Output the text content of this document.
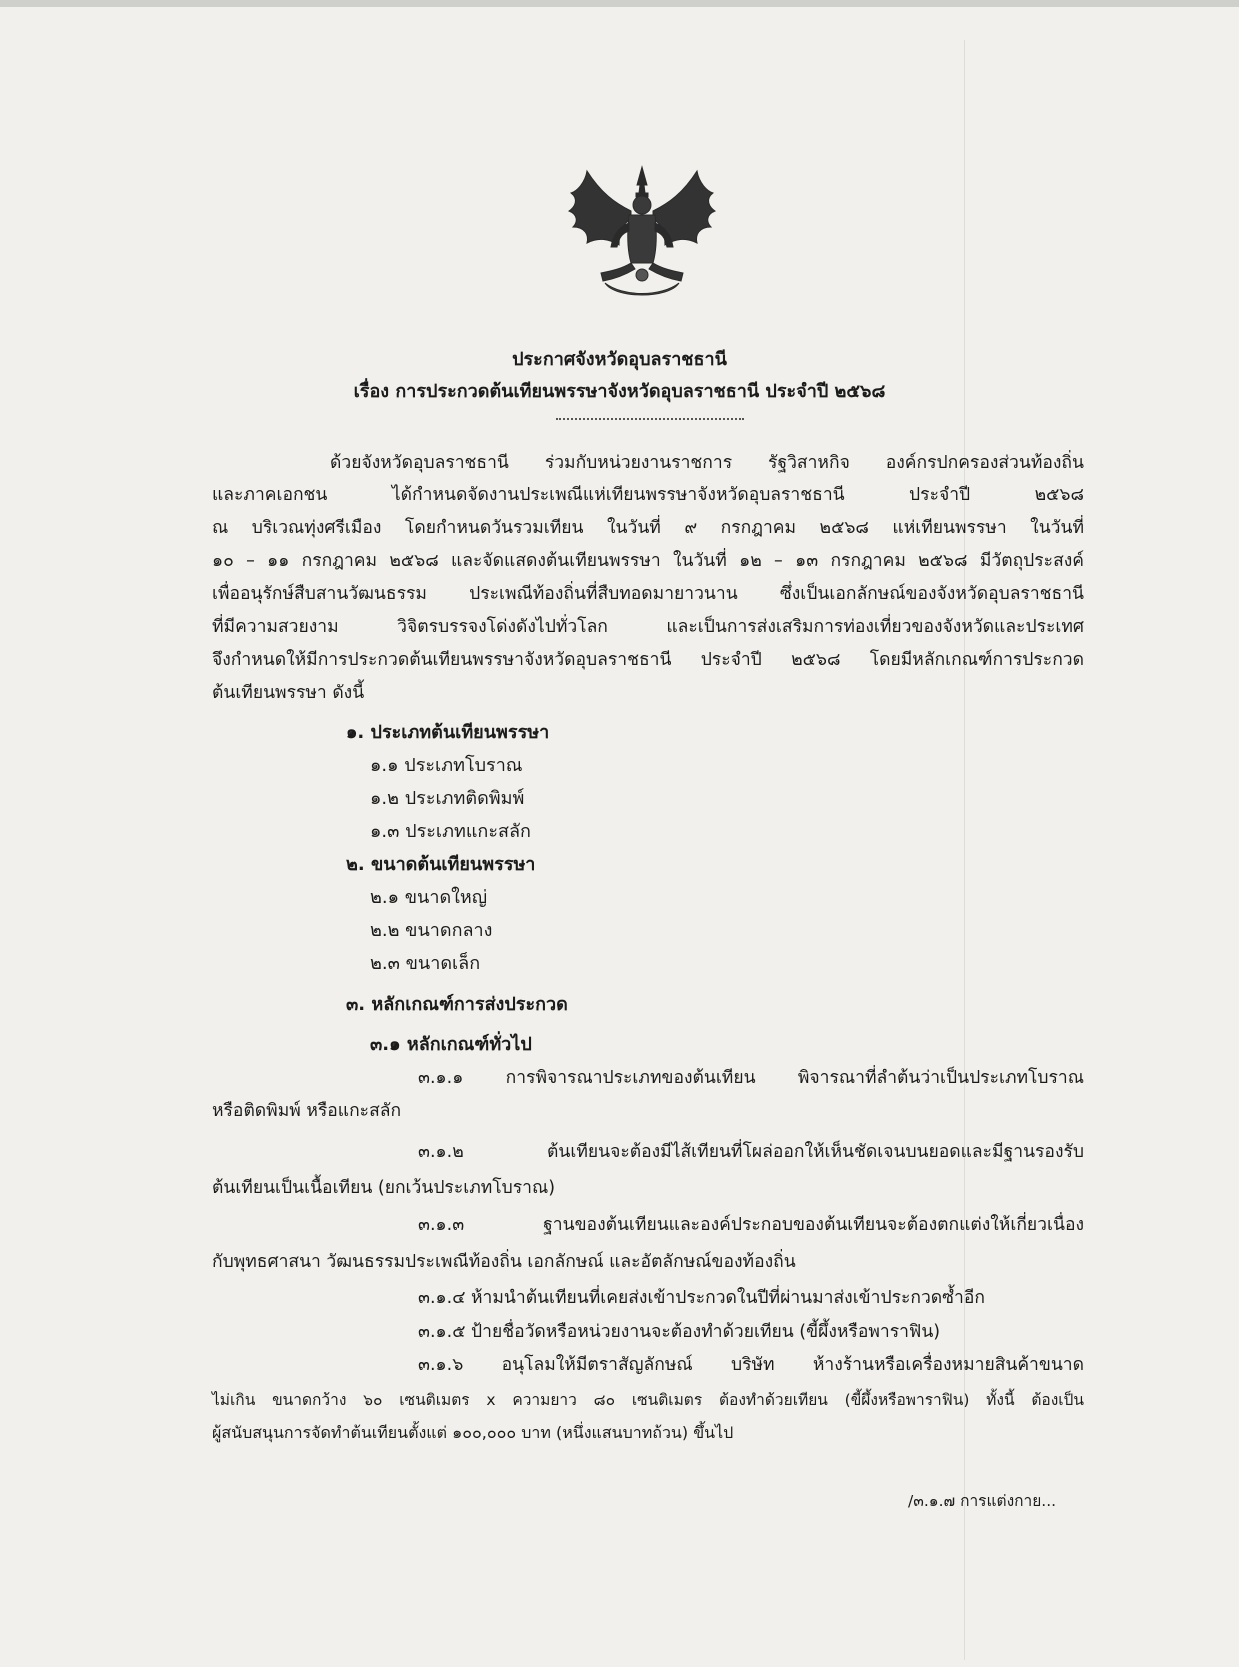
ประกาศจังหวัดอุบลราชธานี
เรื่อง การประกวดต้นเทียนพรรษาจังหวัดอุบลราชธานี ประจำปี ๒๕๖๘
ด้วยจังหวัดอุบลราชธานี ร่วมกับหน่วยงานราชการ รัฐวิสาหกิจ องค์กรปกครองส่วนท้องถิ่น
และภาคเอกชน ได้กำหนดจัดงานประเพณีแห่เทียนพรรษาจังหวัดอุบลราชธานี ประจำปี ๒๕๖๘
ณ บริเวณทุ่งศรีเมือง โดยกำหนดวันรวมเทียน ในวันที่ ๙ กรกฎาคม ๒๕๖๘ แห่เทียนพรรษา ในวันที่
๑๐ – ๑๑ กรกฎาคม ๒๕๖๘ และจัดแสดงต้นเทียนพรรษา ในวันที่ ๑๒ – ๑๓ กรกฎาคม ๒๕๖๘ มีวัตถุประสงค์
เพื่ออนุรักษ์สืบสานวัฒนธรรม ประเพณีท้องถิ่นที่สืบทอดมายาวนาน ซึ่งเป็นเอกลักษณ์ของจังหวัดอุบลราชธานี
ที่มีความสวยงาม วิจิตรบรรจงโด่งดังไปทั่วโลก และเป็นการส่งเสริมการท่องเที่ยวของจังหวัดและประเทศ
จึงกำหนดให้มีการประกวดต้นเทียนพรรษาจังหวัดอุบลราชธานี ประจำปี ๒๕๖๘ โดยมีหลักเกณฑ์การประกวด
ต้นเทียนพรรษา ดังนี้
๑. ประเภทต้นเทียนพรรษา
๑.๑ ประเภทโบราณ
๑.๒ ประเภทติดพิมพ์
๑.๓ ประเภทแกะสลัก
๒. ขนาดต้นเทียนพรรษา
๒.๑ ขนาดใหญ่
๒.๒ ขนาดกลาง
๒.๓ ขนาดเล็ก
๓. หลักเกณฑ์การส่งประกวด
๓.๑ หลักเกณฑ์ทั่วไป
๓.๑.๑ การพิจารณาประเภทของต้นเทียน พิจารณาที่ลำต้นว่าเป็นประเภทโบราณ
หรือติดพิมพ์ หรือแกะสลัก
๓.๑.๒ ต้นเทียนจะต้องมีไส้เทียนที่โผล่ออกให้เห็นชัดเจนบนยอดและมีฐานรองรับ
ต้นเทียนเป็นเนื้อเทียน (ยกเว้นประเภทโบราณ)
๓.๑.๓ ฐานของต้นเทียนและองค์ประกอบของต้นเทียนจะต้องตกแต่งให้เกี่ยวเนื่อง
กับพุทธศาสนา วัฒนธรรมประเพณีท้องถิ่น เอกลักษณ์ และอัตลักษณ์ของท้องถิ่น
๓.๑.๔ ห้ามนำต้นเทียนที่เคยส่งเข้าประกวดในปีที่ผ่านมาส่งเข้าประกวดซ้ำอีก
๓.๑.๕ ป้ายชื่อวัดหรือหน่วยงานจะต้องทำด้วยเทียน (ขี้ผึ้งหรือพาราฟิน)
๓.๑.๖ อนุโลมให้มีตราสัญลักษณ์ บริษัท ห้างร้านหรือเครื่องหมายสินค้าขนาด
ไม่เกิน ขนาดกว้าง ๖๐ เซนติเมตร x ความยาว ๘๐ เซนติเมตร ต้องทำด้วยเทียน (ขี้ผึ้งหรือพาราฟิน) ทั้งนี้ ต้องเป็น
ผู้สนับสนุนการจัดทำต้นเทียนตั้งแต่ ๑๐๐,๐๐๐ บาท (หนึ่งแสนบาทถ้วน) ขึ้นไป
/๓.๑.๗ การแต่งกาย...
